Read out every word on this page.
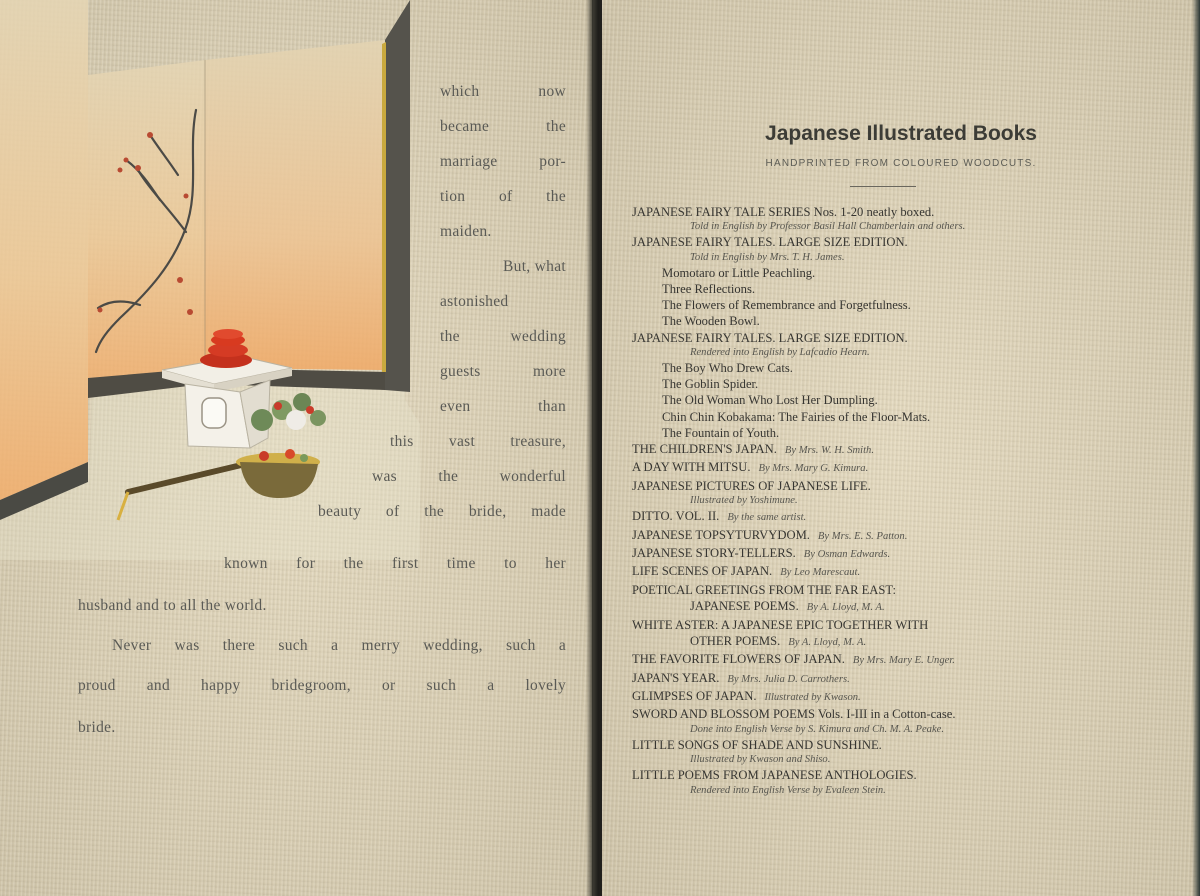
which now
became the
marriage por-
tion of the
maiden.
But, what
astonished
the wedding
guests more
even than
this vast treasure,
was the wonderful
beauty of the bride, made
known for the first time to her
husband and to all the world.
Never was there such a merry wedding, such a
proud and happy bridegroom, or such a lovely
bride.
Japanese Illustrated Books
HANDPRINTED FROM COLOURED WOODCUTS.
JAPANESE FAIRY TALE SERIES Nos. 1-20 neatly boxed.
Told in English by Professor Basil Hall Chamberlain and others.
JAPANESE FAIRY TALES. LARGE SIZE EDITION.
Told in English by Mrs. T. H. James.
Momotaro or Little Peachling.
Three Reflections.
The Flowers of Remembrance and Forgetfulness.
The Wooden Bowl.
JAPANESE FAIRY TALES. LARGE SIZE EDITION.
Rendered into English by Lafcadio Hearn.
The Boy Who Drew Cats.
The Goblin Spider.
The Old Woman Who Lost Her Dumpling.
Chin Chin Kobakama: The Fairies of the Floor-Mats.
The Fountain of Youth.
THE CHILDREN'S JAPAN. By Mrs. W. H. Smith.
A DAY WITH MITSU. By Mrs. Mary G. Kimura.
JAPANESE PICTURES OF JAPANESE LIFE.
Illustrated by Yoshimune.
DITTO. VOL. II. By the same artist.
JAPANESE TOPSYTURVYDOM. By Mrs. E. S. Patton.
JAPANESE STORY-TELLERS. By Osman Edwards.
LIFE SCENES OF JAPAN. By Leo Marescaut.
POETICAL GREETINGS FROM THE FAR EAST:
JAPANESE POEMS. By A. Lloyd, M. A.
WHITE ASTER: A JAPANESE EPIC TOGETHER WITH
OTHER POEMS. By A. Lloyd, M. A.
THE FAVORITE FLOWERS OF JAPAN. By Mrs. Mary E. Unger.
JAPAN'S YEAR. By Mrs. Julia D. Carrothers.
GLIMPSES OF JAPAN. Illustrated by Kwason.
SWORD AND BLOSSOM POEMS Vols. I-III in a Cotton-case.
Done into English Verse by S. Kimura and Ch. M. A. Peake.
LITTLE SONGS OF SHADE AND SUNSHINE.
Illustrated by Kwason and Shiso.
LITTLE POEMS FROM JAPANESE ANTHOLOGIES.
Rendered into English Verse by Evaleen Stein.
